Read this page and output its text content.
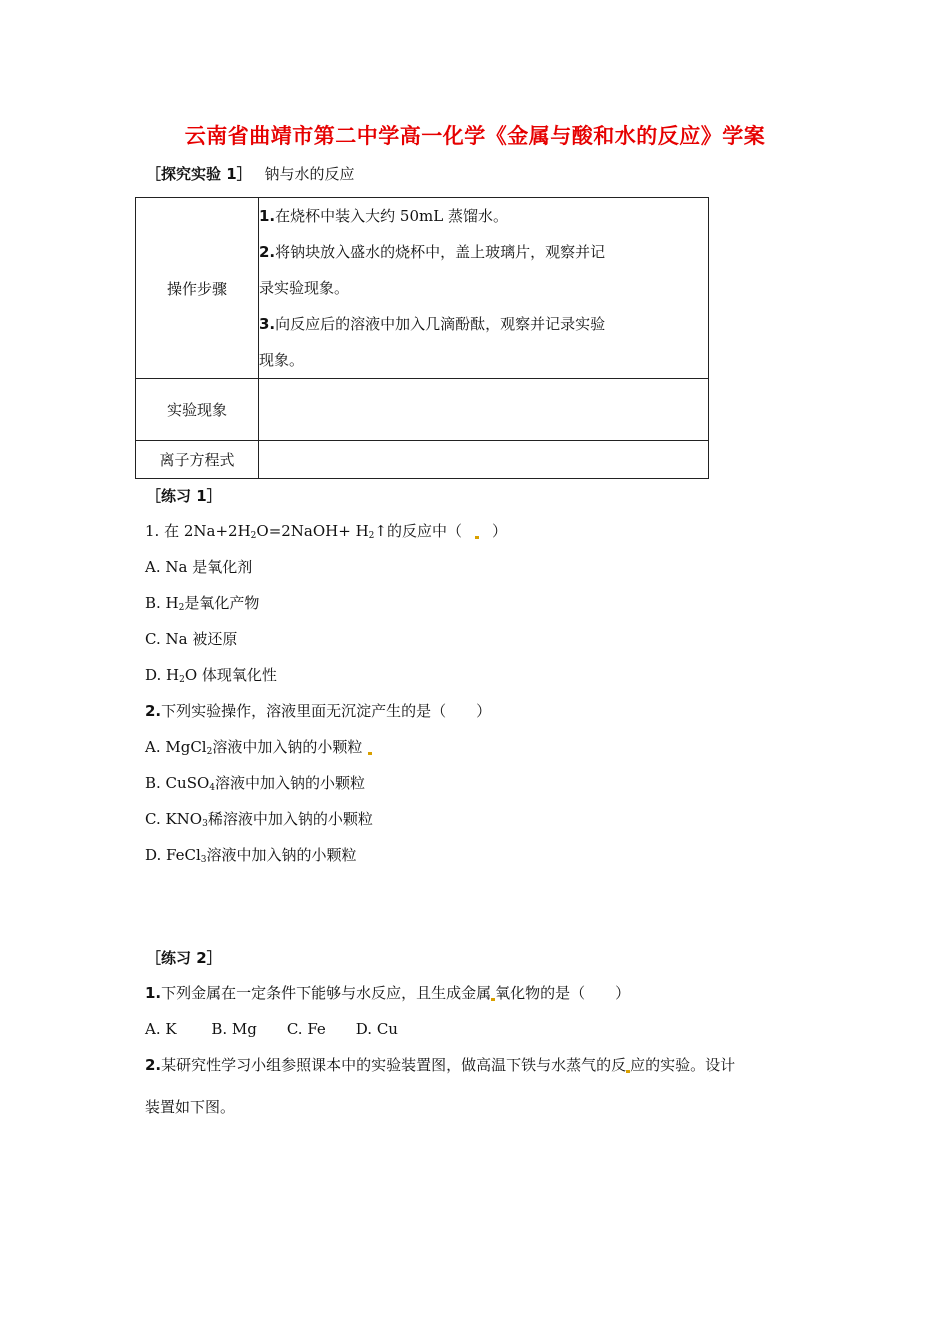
云南省曲靖市第二中学高一化学《金属与酸和水的反应》学案
［探究实验 1］ 钠与水的反应
操作步骤	1.在烧杯中装入大约 50mL 蒸馏水。

2.将钠块放入盛水的烧杯中，盖上玻璃片，观察并记

录实验现象。

3.向反应后的溶液中加入几滴酚酞，观察并记录实验

现象。

实验现象	
离子方程式	
［练习 1］
1. 在 $2Na+2H_2O=2NaOH+$ $H_2↑$的反应中（ ）
A. Na 是氧化剂
B. $H_2$是氧化产物
C. Na 被还原
D. $H_2O$ 体现氧化性
2.下列实验操作，溶液里面无沉淀产生的是（　　）
A. MgCl$_2$溶液中加入钠的小颗粒
B. CuSO$_4$溶液中加入钠的小颗粒
C. $KNO_3$稀溶液中加入钠的小颗粒
D. FeCl$_3$溶液中加入钠的小颗粒
［练习 2］
1.下列金属在一定条件下能够与水反应，且生成金属 氧化物的是（　　）
A. K　　 B. Mg　　C. Fe　　D. Cu
2.某研究性学习小组参照课本中的实验装置图，做高温下铁与水蒸气的反 应的实验。设计
装置如下图。
